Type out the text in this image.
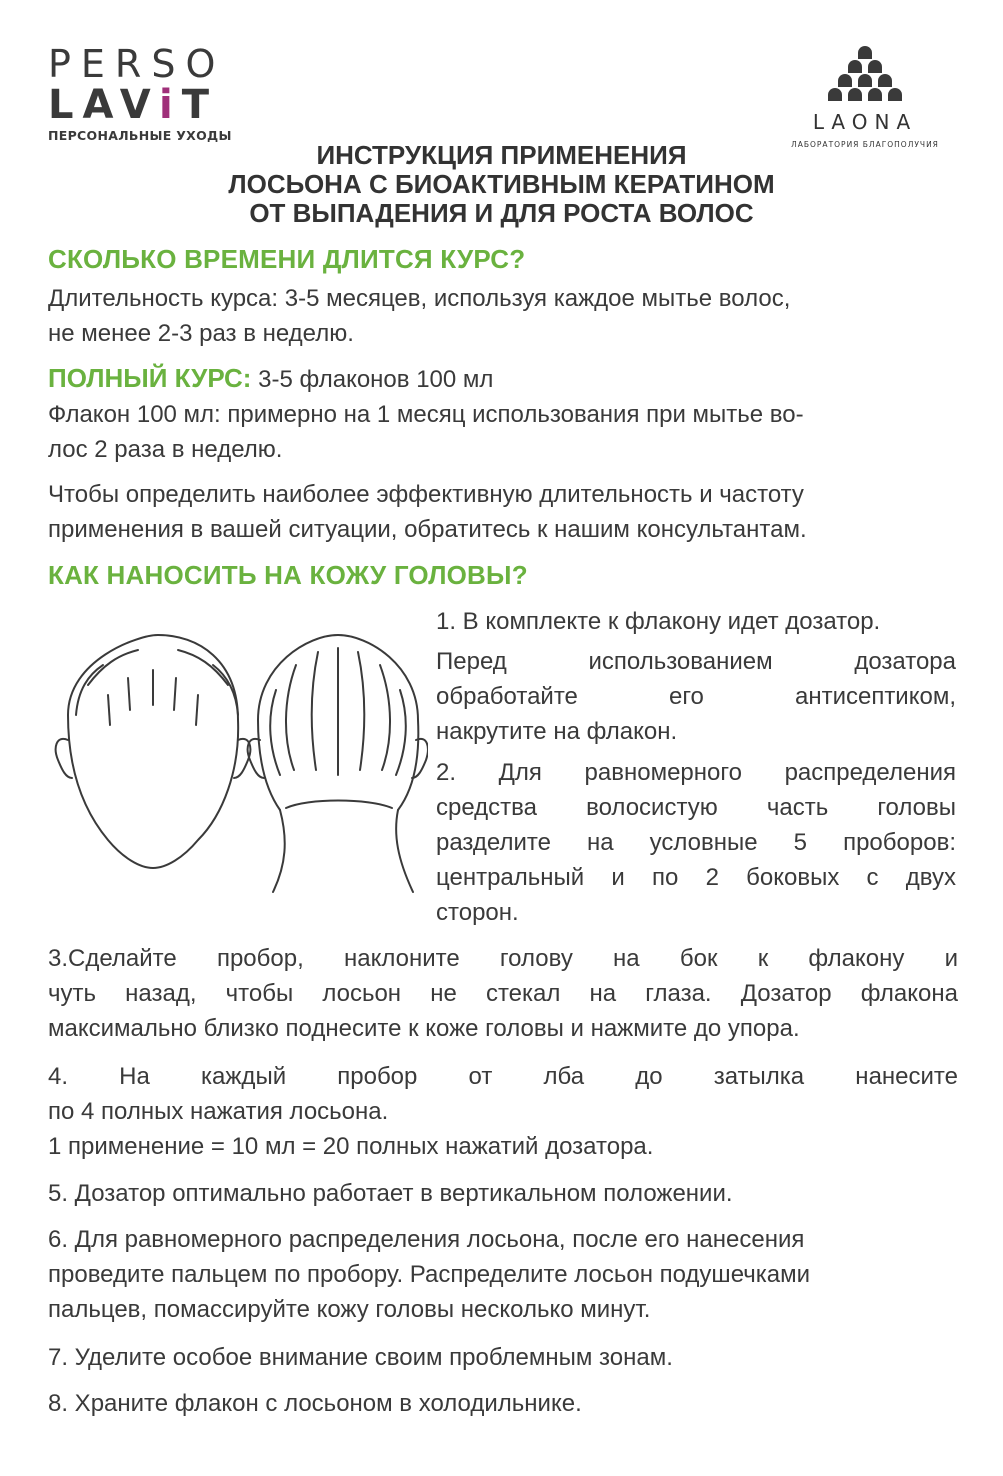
PERSO
LAViT
ПЕРСОНАЛЬНЫЕ УХОДЫ
LAONA
ЛАБОРАТОРИЯ БЛАГОПОЛУЧИЯ
ИНСТРУКЦИЯ ПРИМЕНЕНИЯ
ЛОСЬОНА С БИОАКТИВНЫМ КЕРАТИНОМ
ОТ ВЫПАДЕНИЯ И ДЛЯ РОСТА ВОЛОС
СКОЛЬКО ВРЕМЕНИ ДЛИТСЯ КУРС?
Длительность курса: 3-5 месяцев, используя каждое мытье волос,
не менее 2-3 раз в неделю.
ПОЛНЫЙ КУРС: 3-5 флаконов 100 мл
Флакон 100 мл: примерно на 1 месяц использования при мытье во-
лос 2 раза в неделю.
Чтобы определить наиболее эффективную длительность и частоту
применения в вашей ситуации, обратитесь к нашим консультантам.
КАК НАНОСИТЬ НА КОЖУ ГОЛОВЫ?
1. В комплекте к флакону идет дозатор.
Перед использованием дозатора
обработайте его антисептиком,
накрутите на флакон.
2. Для равномерного распределения
средства волосистую часть головы
разделите на условные 5 проборов:
центральный и по 2 боковых с двух
сторон.
3.Сделайте пробор, наклоните голову на бок к флакону и
чуть назад, чтобы лосьон не стекал на глаза. Дозатор флакона
максимально близко поднесите к коже головы и нажмите до упора.
4. На каждый пробор от лба до затылка нанесите
по 4 полных нажатия лосьона.
1 применение = 10 мл = 20 полных нажатий дозатора.
5. Дозатор оптимально работает в вертикальном положении.
6. Для равномерного распределения лосьона, после его нанесения
проведите пальцем по пробору. Распределите лосьон подушечками
пальцев, помассируйте кожу головы несколько минут.
7. Уделите особое внимание своим проблемным зонам.
8. Храните флакон с лосьоном в холодильнике.
